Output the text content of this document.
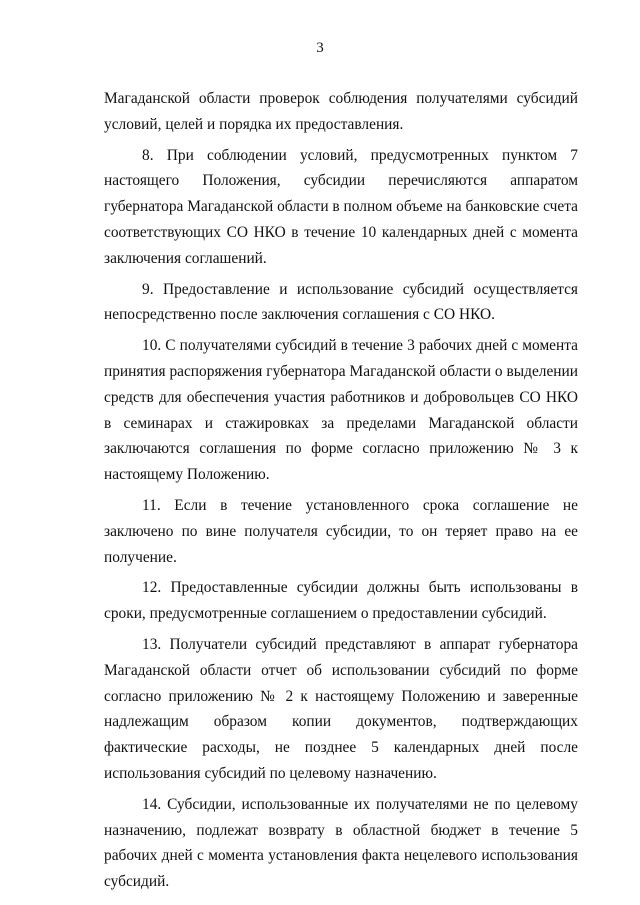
3

Магаданской области проверок соблюдения получателями субсидий условий, целей и порядка их предоставления.

8. При соблюдении условий, предусмотренных пунктом 7 настоящего Положения, субсидии перечисляются аппаратом губернатора Магаданской области в полном объеме на банковские счета соответствующих СО НКО в течение 10 календарных дней с момента заключения соглашений.

9. Предоставление и использование субсидий осуществляется непосредственно после заключения соглашения с СО НКО.

10. С получателями субсидий в течение 3 рабочих дней с момента принятия распоряжения губернатора Магаданской области о выделении средств для обеспечения участия работников и добровольцев СО НКО в семинарах и стажировках за пределами Магаданской области заключаются соглашения по форме согласно приложению № 3 к настоящему Положению.

11. Если в течение установленного срока соглашение не заключено по вине получателя субсидии, то он теряет право на ее получение.

12. Предоставленные субсидии должны быть использованы в сроки, предусмотренные соглашением о предоставлении субсидий.

13. Получатели субсидий представляют в аппарат губернатора Магаданской области отчет об использовании субсидий по форме согласно приложению № 2 к настоящему Положению и заверенные надлежащим образом копии документов, подтверждающих фактические расходы, не позднее 5 календарных дней после использования субсидий по целевому назначению.

14. Субсидии, использованные их получателями не по целевому назначению, подлежат возврату в областной бюджет в течение 5 рабочих дней с момента установления факта нецелевого использования субсидий.
